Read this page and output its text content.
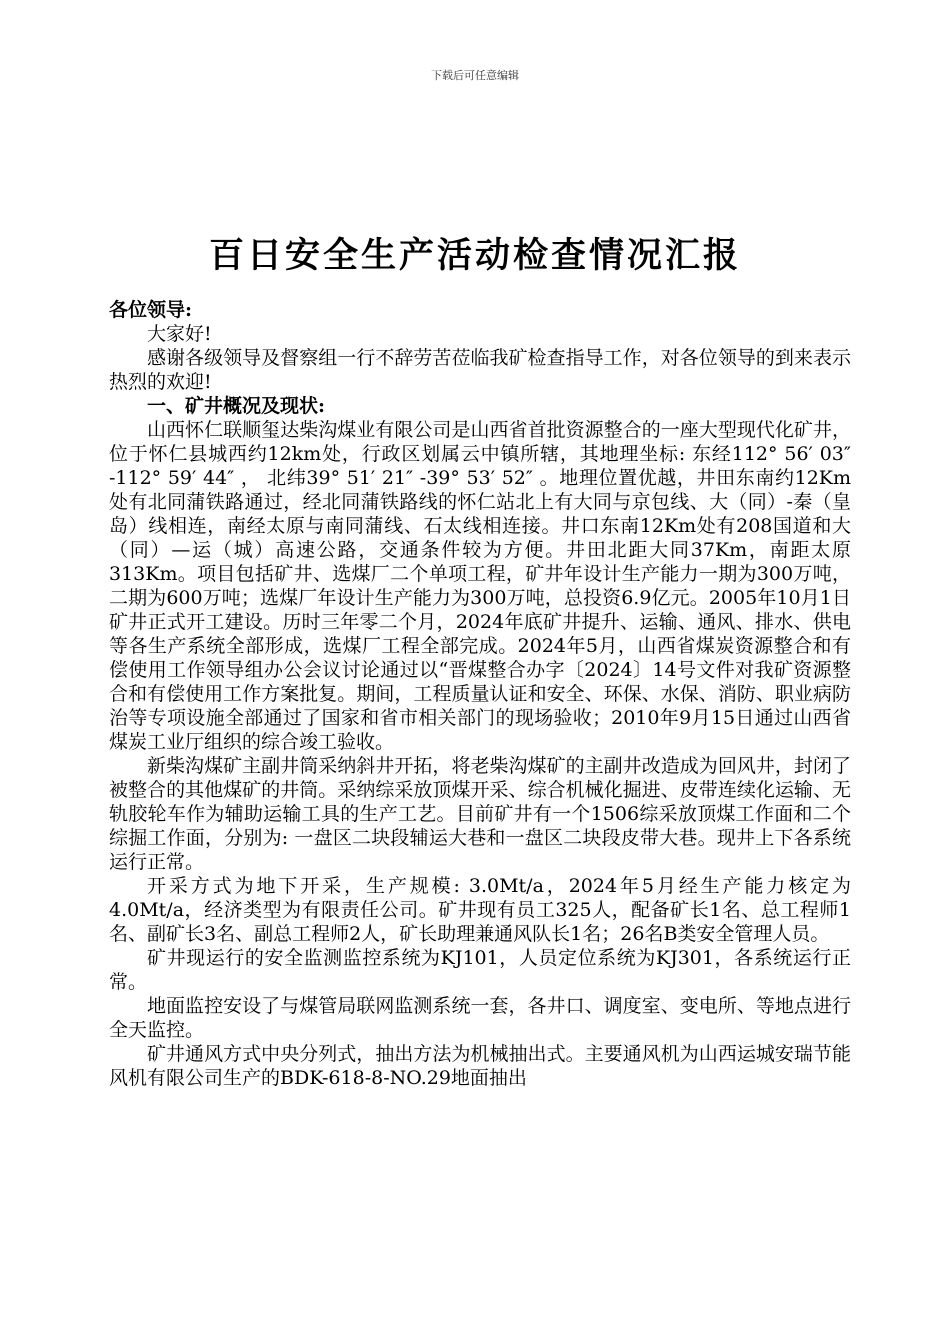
下载后可任意编辑
百日安全生产活动检查情况汇报

各位领导:

大家好!

感谢各级领导及督察组一行不辞劳苦莅临我矿检查指导工作，对各位领导的到来表示热烈的欢迎!

一、矿井概况及现状:

山西怀仁联顺玺达柴沟煤业有限公司是山西省首批资源整合的一座大型现代化矿井，位于怀仁县城西约12km处，行政区划属云中镇所辖，其地理坐标: 东经112° 56′ 03″ -112° 59′ 44″ ， 北纬39° 51′ 21″ -39° 53′ 52″ 。地理位置优越，井田东南约12Km处有北同蒲铁路通过，经北同蒲铁路线的怀仁站北上有大同与京包线、大（同）-秦（皇岛）线相连，南经太原与南同蒲线、石太线相连接。井口东南12Km处有208国道和大（同）—运（城）高速公路，交通条件较为方便。井田北距大同37Km，南距太原313Km。项目包括矿井、选煤厂二个单项工程，矿井年设计生产能力一期为300万吨，二期为600万吨；选煤厂年设计生产能力为300万吨，总投资6.9亿元。2005年10月1日矿井正式开工建设。历时三年零二个月，2024年底矿井提升、运输、通风、排水、供电等各生产系统全部形成，选煤厂工程全部完成。2024年5月，山西省煤炭资源整合和有偿使用工作领导组办公会议讨论通过以“晋煤整合办字〔2024〕14号文件对我矿资源整合和有偿使用工作方案批复。期间，工程质量认证和安全、环保、水保、消防、职业病防治等专项设施全部通过了国家和省市相关部门的现场验收；2010年9月15日通过山西省煤炭工业厅组织的综合竣工验收。

新柴沟煤矿主副井筒采纳斜井开拓，将老柴沟煤矿的主副井改造成为回风井，封闭了被整合的其他煤矿的井筒。采纳综采放顶煤开采、综合机械化掘进、皮带连续化运输、无轨胶轮车作为辅助运输工具的生产工艺。目前矿井有一个1506综采放顶煤工作面和二个综掘工作面，分别为: 一盘区二块段辅运大巷和一盘区二块段皮带大巷。现井上下各系统运行正常。

开采方式为地下开采，生产规模: 3.0Mt/a，2024年5月经生产能力核定为4.0Mt/a，经济类型为有限责任公司。矿井现有员工325人，配备矿长1名、总工程师1名、副矿长3名、副总工程师2人，矿长助理兼通风队长1名；26名B类安全管理人员。

矿井现运行的安全监测监控系统为KJ101，人员定位系统为KJ301，各系统运行正常。

地面监控安设了与煤管局联网监测系统一套，各井口、调度室、变电所、等地点进行全天监控。

矿井通风方式中央分列式，抽出方法为机械抽出式。主要通风机为山西运城安瑞节能风机有限公司生产的BDK-618-8-NO.29地面抽出
